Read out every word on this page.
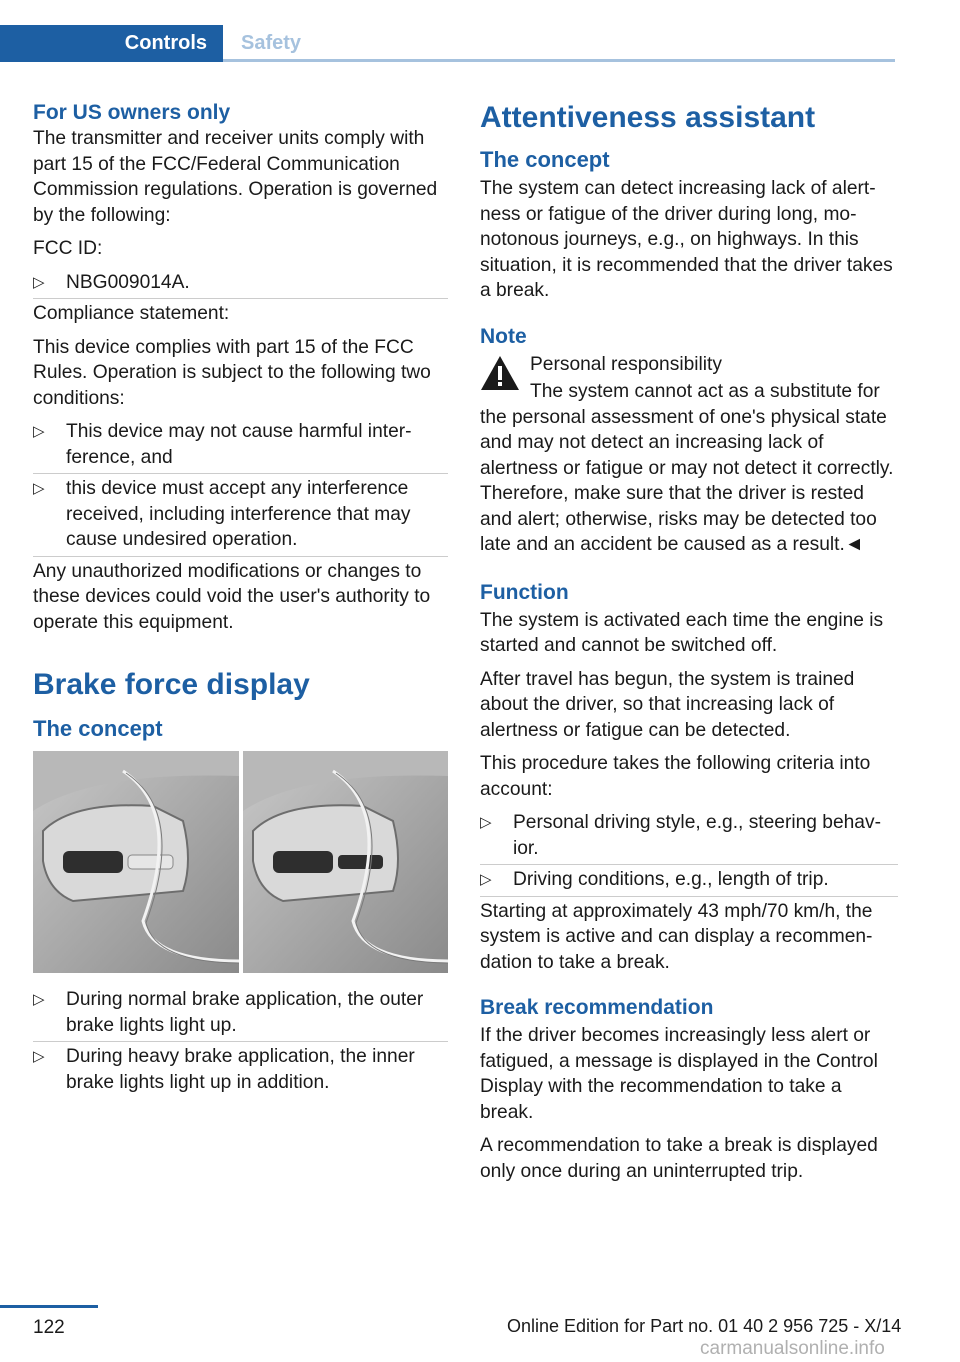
Controls	Safety

For US owners only

The transmitter and receiver units comply with part 15 of the FCC/Federal Communication Commission regulations. Operation is governed by the following:

FCC ID:

▷ NBG009014A.

Compliance statement:

This device complies with part 15 of the FCC Rules. Operation is subject to the following two conditions:

▷ This device may not cause harmful interference, and
▷ this device must accept any interference received, including interference that may cause undesired operation.

Any unauthorized modifications or changes to these devices could void the user's authority to operate this equipment.

Brake force display

The concept

▷ During normal brake application, the outer brake lights light up.
▷ During heavy brake application, the inner brake lights light up in addition.

Attentiveness assistant

The concept

The system can detect increasing lack of alertness or fatigue of the driver during long, monotonous journeys, e.g., on highways. In this situation, it is recommended that the driver takes a break.

Note

Personal responsibility

The system cannot act as a substitute for the personal assessment of one's physical state and may not detect an increasing lack of alertness or fatigue or may not detect it correctly. Therefore, make sure that the driver is rested and alert; otherwise, risks may be detected too late and an accident be caused as a result.◄

Function

The system is activated each time the engine is started and cannot be switched off.

After travel has begun, the system is trained about the driver, so that increasing lack of alertness or fatigue can be detected.

This procedure takes the following criteria into account:

▷ Personal driving style, e.g., steering behavior.
▷ Driving conditions, e.g., length of trip.

Starting at approximately 43 mph/70 km/h, the system is active and can display a recommendation to take a break.

Break recommendation

If the driver becomes increasingly less alert or fatigued, a message is displayed in the Control Display with the recommendation to take a break.

A recommendation to take a break is displayed only once during an uninterrupted trip.

122	Online Edition for Part no. 01 40 2 956 725 - X/14
carmanualsonline.info
